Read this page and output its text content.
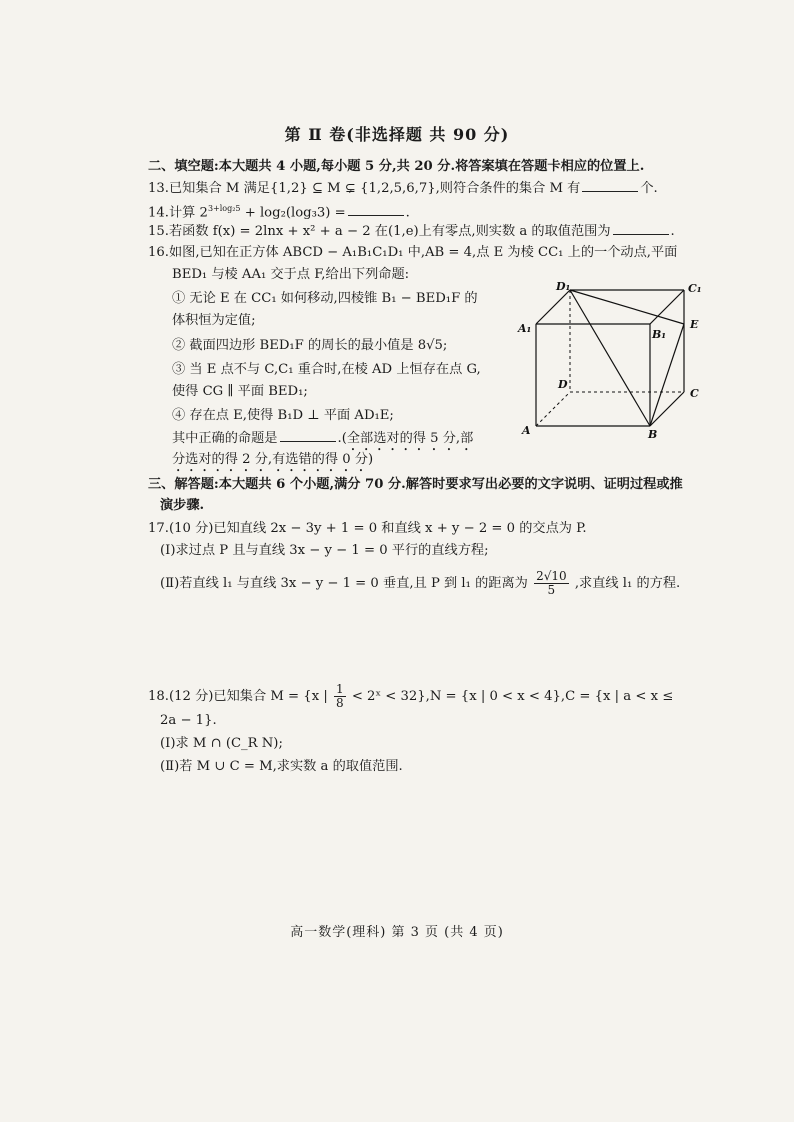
第 Ⅱ 卷(非选择题 共 90 分)
二、填空题:本大题共 4 小题,每小题 5 分,共 20 分.将答案填在答题卡相应的位置上.
13.已知集合 M 满足{1,2} ⊆ M ⊊ {1,2,5,6,7},则符合条件的集合 M 有	个.
14.计算 $2^{3+log_25} + \log_2(\log_33)$ =	.
15.若函数 f(x) = 2lnx + x² + a − 2 在(1,e)上有零点,则实数 a 的取值范围为	.
16.如图,已知在正方体 ABCD − A₁B₁C₁D₁ 中,AB = 4,点 E 为棱 CC₁ 上的一个动点,平面
BED₁ 与棱 AA₁ 交于点 F,给出下列命题:
① 无论 E 在 CC₁ 如何移动,四棱锥 B₁ − BED₁F 的
体积恒为定值;
② 截面四边形 BED₁F 的周长的最小值是 8√5;
③ 当 E 点不与 C,C₁ 重合时,在棱 AD 上恒存在点 G,
使得 CG ∥ 平面 BED₁;
④ 存在点 E,使得 B₁D ⊥ 平面 AD₁E;
其中正确的命题是	.(全部选对的得 5 分,部
分选对的得 2 分,有选错的得 0 分)
D₁	C₁
A₁	B₁
E
D
C
A	B
三、解答题:本大题共 6 个小题,满分 70 分.解答时要求写出必要的文字说明、证明过程或推
演步骤.
17.(10 分)已知直线 2x − 3y + 1 = 0 和直线 x + y − 2 = 0 的交点为 P.
(Ⅰ)求过点 P 且与直线 3x − y − 1 = 0 平行的直线方程;
(Ⅱ)若直线 l₁ 与直线 3x − y − 1 = 0 垂直,且 P 到 l₁ 的距离为 $\frac{2√10}{5}$ ,求直线 l₁ 的方程.
18.(12 分)已知集合 M = {x | $\frac{1}{8}$ < 2ˣ < 32},N = {x | 0 < x < 4},C = {x | a < x ≤
2a − 1}.
(Ⅰ)求 M ∩ (C_R N);
(Ⅱ)若 M ∪ C = M,求实数 a 的取值范围.
高一数学(理科) 第 3 页 (共 4 页)
